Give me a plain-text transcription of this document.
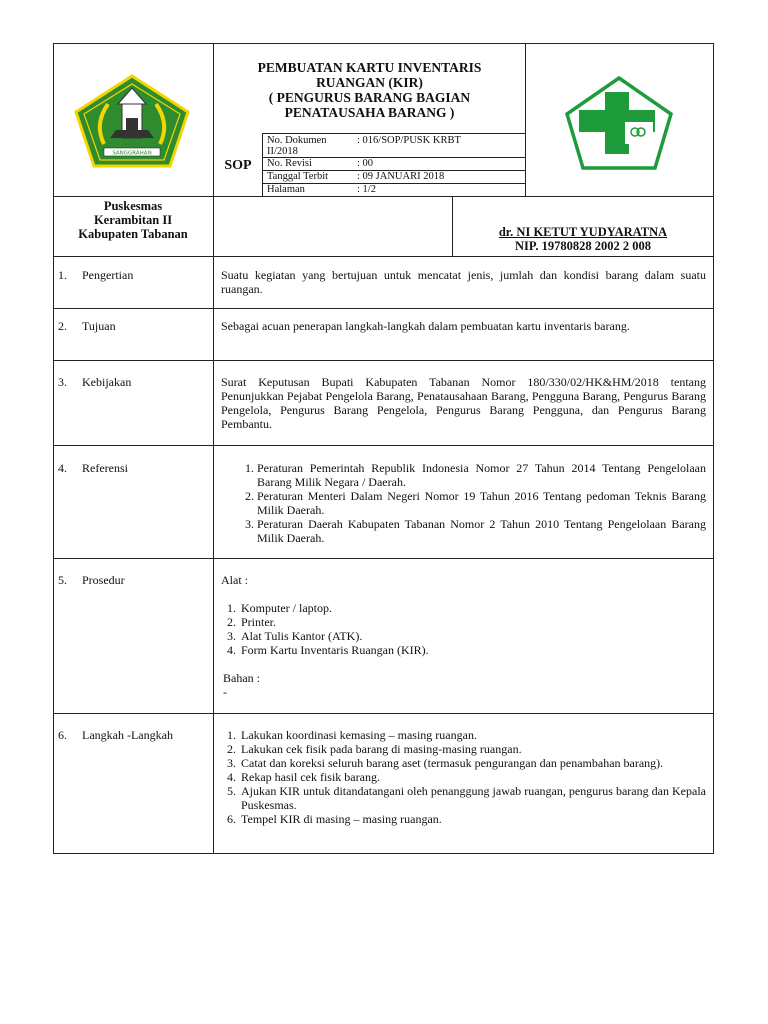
SANGGRAHAN
PEMBUATAN KARTU INVENTARIS
RUANGAN (KIR)
( PENGURUS BARANG BAGIAN
PENATAUSAHA BARANG )
SOP
No. Dokumen	: 016/SOP/PUSK KRBT
II/2018
No. Revisi	: 00
Tanggal Terbit	: 09 JANUARI 2018
Halaman	: 1/2
Puskesmas
Kerambitan II
Kabupaten Tabanan	dr. NI KETUT YUDYARATNA
NIP. 19780828 2002 2 008
1. Pengertian	Suatu kegiatan yang bertujuan untuk mencatat jenis, jumlah dan kondisi barang dalam suatu ruangan.
2. Tujuan	Sebagai acuan penerapan langkah-langkah dalam pembuatan kartu inventaris barang.
3. Kebijakan	Surat Keputusan Bupati Kabupaten Tabanan Nomor 180/330/02/HK&HM/2018 tentang Penunjukkan Pejabat Pengelola Barang, Penatausahaan Barang, Pengguna Barang, Pengurus Barang Pengelola, Pengurus Barang Pengelola, Pengurus Barang Pengguna, dan Pengurus Barang Pembantu.
4. Referensi	1. Peraturan Pemerintah Republik Indonesia Nomor 27 Tahun 2014 Tentang Pengelolaan Barang Milik Negara / Daerah.
2. Peraturan Menteri Dalam Negeri Nomor 19 Tahun 2016 Tentang pedoman Teknis Barang Milik Daerah.
3. Peraturan Daerah Kabupaten Tabanan Nomor 2 Tahun 2010 Tentang Pengelolaan Barang Milik Daerah.
5. Prosedur	Alat :
1. Komputer / laptop.
2. Printer.
3. Alat Tulis Kantor (ATK).
4. Form Kartu Inventaris Ruangan (KIR).
Bahan :
-
6. Langkah -Langkah	1. Lakukan koordinasi kemasing – masing ruangan.
2. Lakukan cek fisik pada barang di masing-masing ruangan.
3. Catat dan koreksi seluruh barang aset (termasuk pengurangan dan penambahan barang).
4. Rekap hasil cek fisik barang.
5. Ajukan KIR untuk ditandatangani oleh penanggung jawab ruangan, pengurus barang dan Kepala Puskesmas.
6. Tempel KIR di masing – masing ruangan.
